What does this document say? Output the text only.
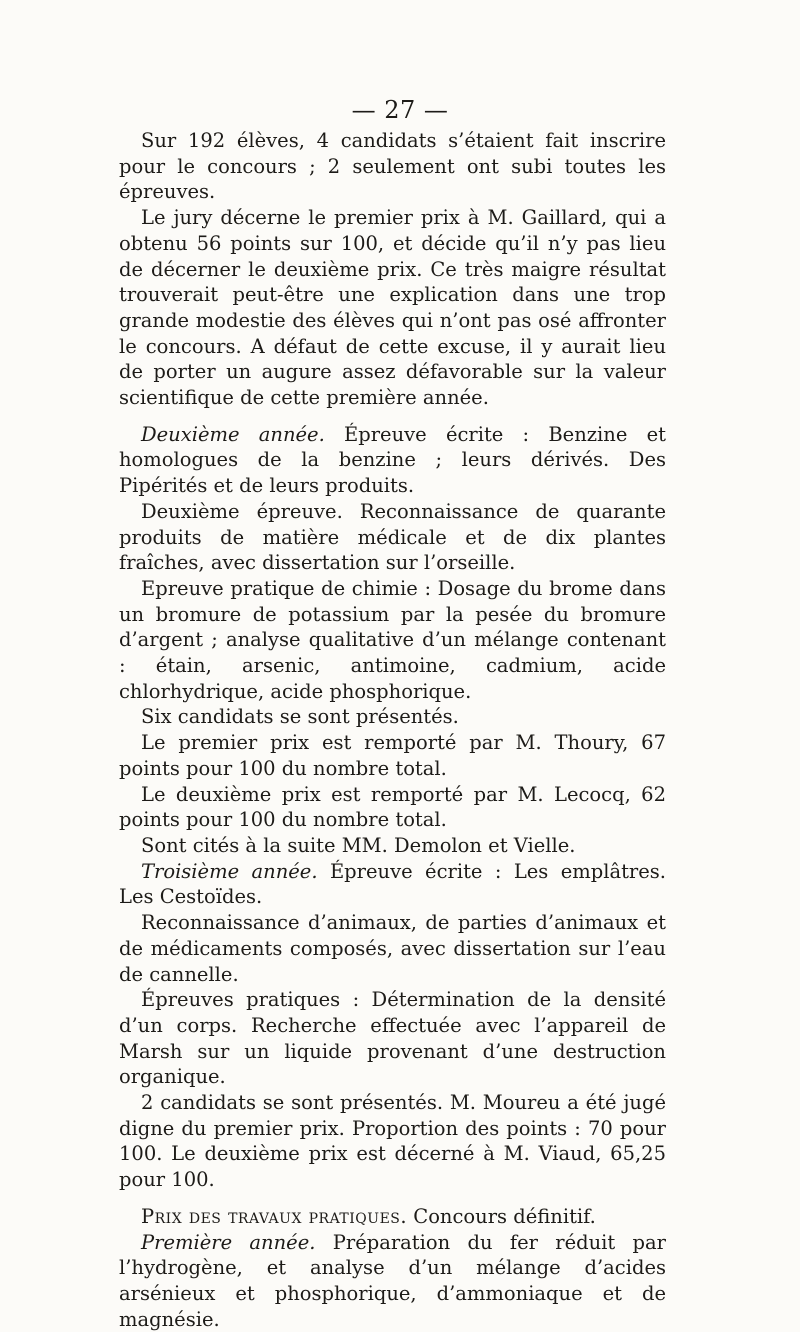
— 27 —

Sur 192 élèves, 4 candidats s’étaient fait inscrire pour le concours ; 2 seulement ont subi toutes les épreuves.

Le jury décerne le premier prix à M. Gaillard, qui a obtenu 56 points sur 100, et décide qu’il n’y pas lieu de décerner le deuxième prix. Ce très maigre résultat trouverait peut-être une explication dans une trop grande modestie des élèves qui n’ont pas osé affronter le concours. A défaut de cette excuse, il y aurait lieu de porter un augure assez défavorable sur la valeur scientifique de cette première année.

Deuxième année. Épreuve écrite : Benzine et homologues de la benzine ; leurs dérivés. Des Pipérités et de leurs produits.

Deuxième épreuve. Reconnaissance de quarante produits de matière médicale et de dix plantes fraîches, avec dissertation sur l’orseille.

Epreuve pratique de chimie : Dosage du brome dans un bromure de potassium par la pesée du bromure d’argent ; analyse qualitative d’un mélange contenant : étain, arsenic, antimoine, cadmium, acide chlorhydrique, acide phosphorique.

Six candidats se sont présentés.

Le premier prix est remporté par M. Thoury, 67 points pour 100 du nombre total.

Le deuxième prix est remporté par M. Lecocq, 62 points pour 100 du nombre total.

Sont cités à la suite MM. Demolon et Vielle.

Troisième année. Épreuve écrite : Les emplâtres. Les Cestoïdes.

Reconnaissance d’animaux, de parties d’animaux et de médicaments composés, avec dissertation sur l’eau de cannelle.

Épreuves pratiques : Détermination de la densité d’un corps. Recherche effectuée avec l’appareil de Marsh sur un liquide provenant d’une destruction organique.

2 candidats se sont présentés. M. Moureu a été jugé digne du premier prix. Proportion des points : 70 pour 100. Le deuxième prix est décerné à M. Viaud, 65,25 pour 100.

Prix des travaux pratiques. Concours définitif.

Première année. Préparation du fer réduit par l’hydrogène, et analyse d’un mélange d’acides arsénieux et phosphorique, d’ammoniaque et de magnésie.
